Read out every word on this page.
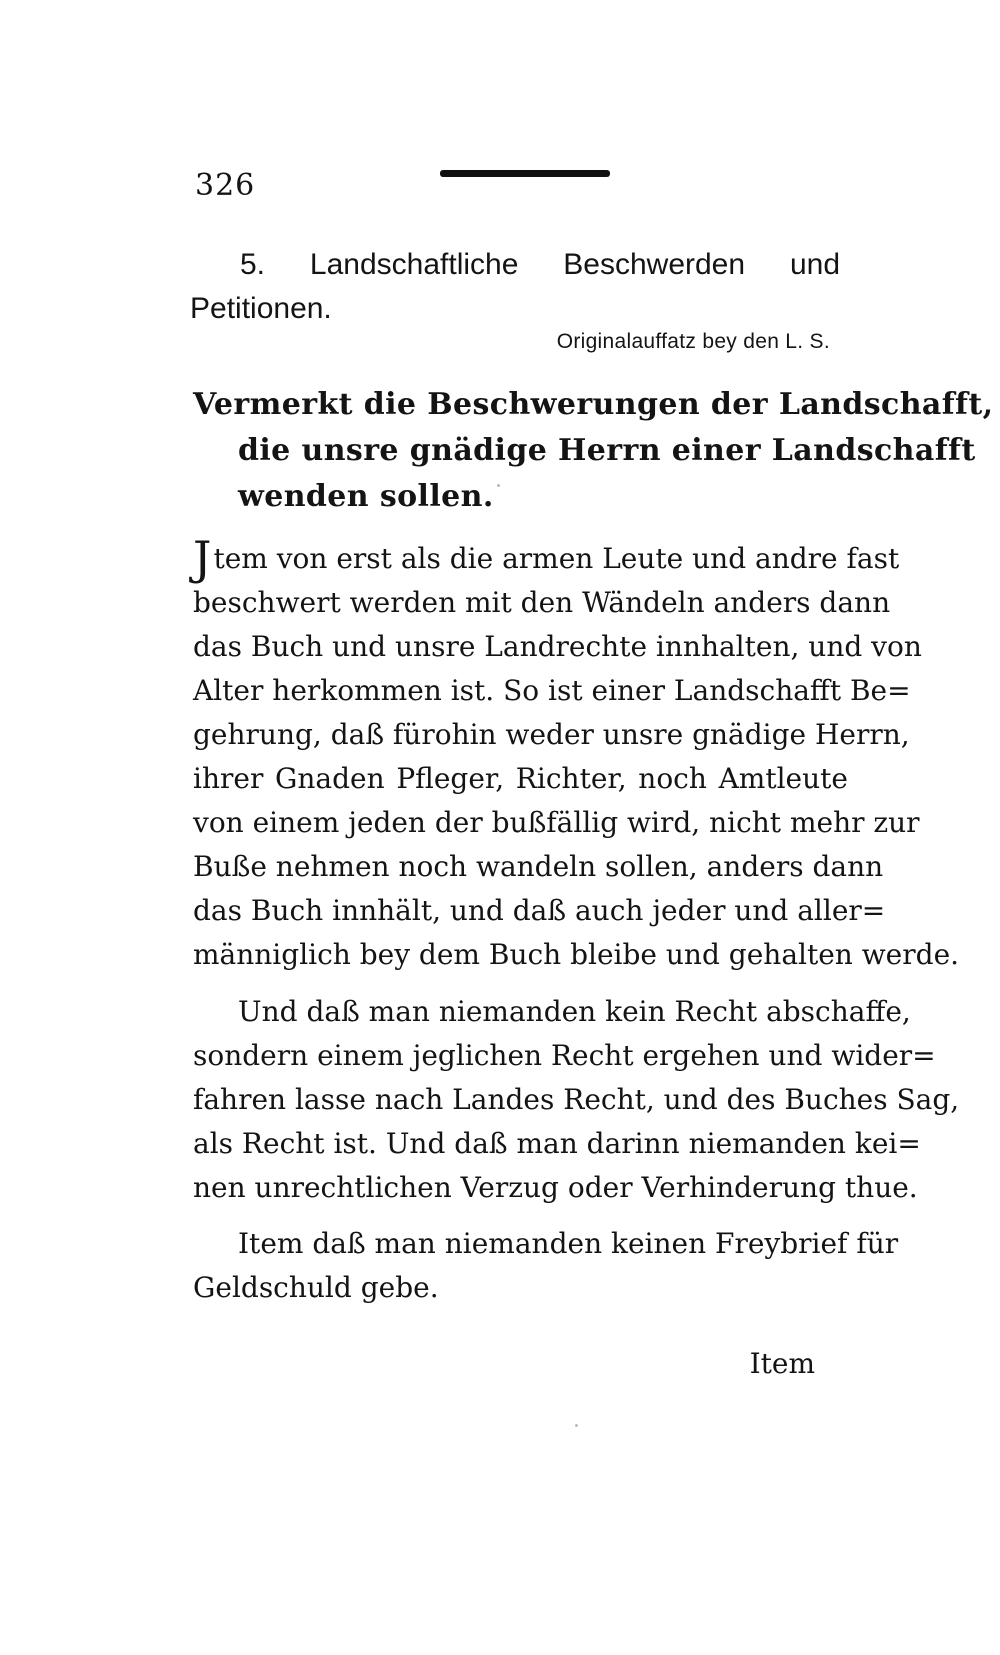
326
5. Landschaftliche Beschwerden und Petitionen.
Originalauffatz bey den L. S.
Vermerkt die Beschwerungen der Landschafft,
die unsre gnädige Herrn einer Landschafft
wenden sollen.
Jtem von erst als die armen Leute und andre fast
beschwert werden mit den Wändeln anders dann
das Buch und unsre Landrechte innhalten, und von
Alter herkommen ist. So ist einer Landschafft Be=
gehrung, daß fürohin weder unsre gnädige Herrn,
ihrer Gnaden Pfleger, Richter, noch Amtleute
von einem jeden der bußfällig wird, nicht mehr zur
Buße nehmen noch wandeln sollen, anders dann
das Buch innhält, und daß auch jeder und aller=
männiglich bey dem Buch bleibe und gehalten werde.
Und daß man niemanden kein Recht abschaffe,
sondern einem jeglichen Recht ergehen und wider=
fahren lasse nach Landes Recht, und des Buches Sag,
als Recht ist. Und daß man darinn niemanden kei=
nen unrechtlichen Verzug oder Verhinderung thue.
Item daß man niemanden keinen Freybrief für
Geldschuld gebe.
Item
